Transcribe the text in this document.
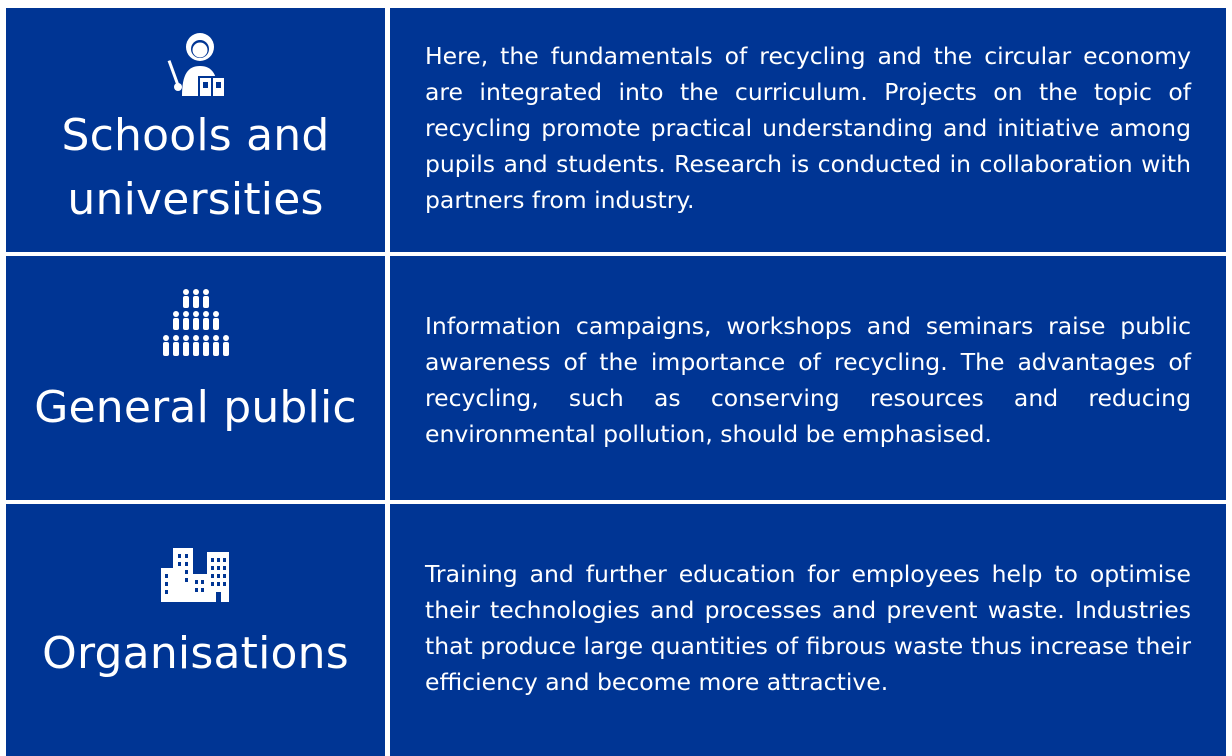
Schools and
universities
Here, the fundamentals of recycling and the circular economy are integrated into the curriculum. Projects on the topic of recycling promote practical understanding and initiative among pupils and students. Research is conducted in collaboration with partners from industry.
General public
Information campaigns, workshops and seminars raise public awareness of the importance of recycling. The advantages of recycling, such as conserving resources and reducing environmental pollution, should be emphasised.
Organisations
Training and further education for employees help to optimise their technologies and processes and prevent waste. Industries that produce large quantities of fibrous waste thus increase their efficiency and become more attractive.
